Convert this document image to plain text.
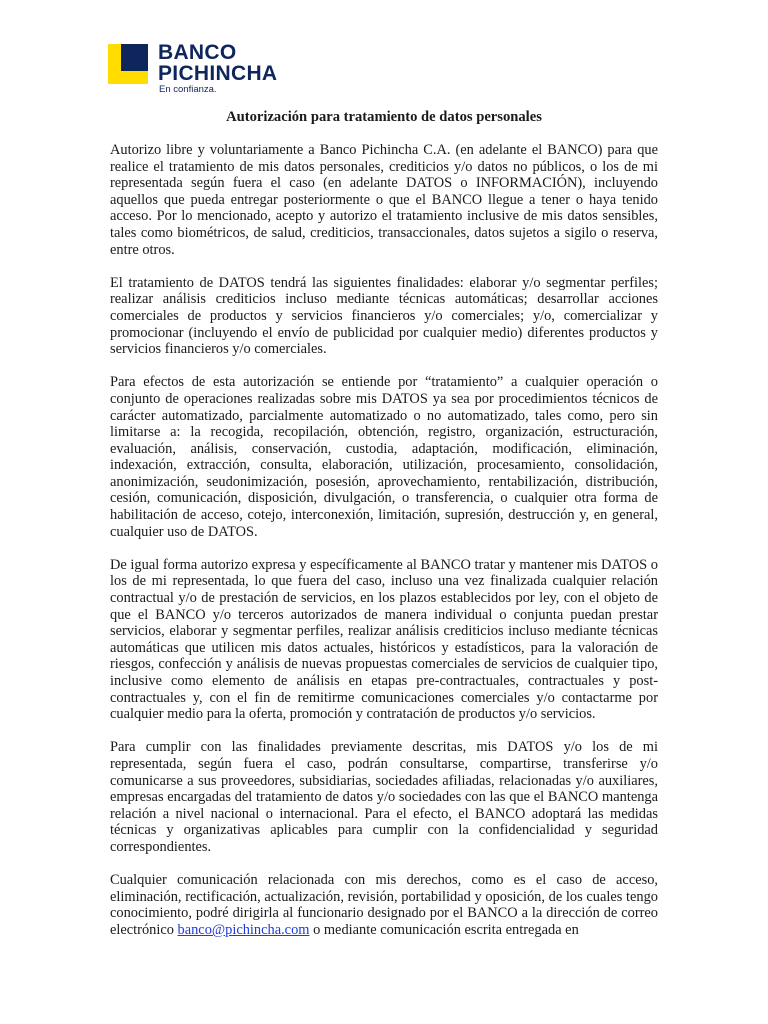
BANCO
PICHINCHA
En confianza.
Autorización para tratamiento de datos personales

Autorizo libre y voluntariamente a Banco Pichincha C.A. (en adelante el BANCO) para que realice el tratamiento de mis datos personales, crediticios y/o datos no públicos, o los de mi representada según fuera el caso (en adelante DATOS o INFORMACIÓN), incluyendo aquellos que pueda entregar posteriormente o que el BANCO llegue a tener o haya tenido acceso. Por lo mencionado, acepto y autorizo el tratamiento inclusive de mis datos sensibles, tales como biométricos, de salud, crediticios, transaccionales, datos sujetos a sigilo o reserva, entre otros.

El tratamiento de DATOS tendrá las siguientes finalidades: elaborar y/o segmentar perfiles; realizar análisis crediticios incluso mediante técnicas automáticas; desarrollar acciones comerciales de productos y servicios financieros y/o comerciales; y/o, comercializar y promocionar (incluyendo el envío de publicidad por cualquier medio) diferentes productos y servicios financieros y/o comerciales.

Para efectos de esta autorización se entiende por “tratamiento” a cualquier operación o conjunto de operaciones realizadas sobre mis DATOS ya sea por procedimientos técnicos de carácter automatizado, parcialmente automatizado o no automatizado, tales como, pero sin limitarse a: la recogida, recopilación, obtención, registro, organización, estructuración, evaluación, análisis, conservación, custodia, adaptación, modificación, eliminación, indexación, extracción, consulta, elaboración, utilización, procesamiento, consolidación, anonimización, seudonimización, posesión, aprovechamiento, rentabilización, distribución, cesión, comunicación, disposición, divulgación, o transferencia, o cualquier otra forma de habilitación de acceso, cotejo, interconexión, limitación, supresión, destrucción y, en general, cualquier uso de DATOS.

De igual forma autorizo expresa y específicamente al BANCO tratar y mantener mis DATOS o los de mi representada, lo que fuera del caso, incluso una vez finalizada cualquier relación contractual y/o de prestación de servicios, en los plazos establecidos por ley, con el objeto de que el BANCO y/o terceros autorizados de manera individual o conjunta puedan prestar servicios, elaborar y segmentar perfiles, realizar análisis crediticios incluso mediante técnicas automáticas que utilicen mis datos actuales, históricos y estadísticos, para la valoración de riesgos, confección y análisis de nuevas propuestas comerciales de servicios de cualquier tipo, inclusive como elemento de análisis en etapas pre-contractuales, contractuales y post-contractuales y, con el fin de remitirme comunicaciones comerciales y/o contactarme por cualquier medio para la oferta, promoción y contratación de productos y/o servicios.

Para cumplir con las finalidades previamente descritas, mis DATOS y/o los de mi representada, según fuera el caso, podrán consultarse, compartirse, transferirse y/o comunicarse a sus proveedores, subsidiarias, sociedades afiliadas, relacionadas y/o auxiliares, empresas encargadas del tratamiento de datos y/o sociedades con las que el BANCO mantenga relación a nivel nacional o internacional. Para el efecto, el BANCO adoptará las medidas técnicas y organizativas aplicables para cumplir con la confidencialidad y seguridad correspondientes.

Cualquier comunicación relacionada con mis derechos, como es el caso de acceso, eliminación, rectificación, actualización, revisión, portabilidad y oposición, de los cuales tengo conocimiento, podré dirigirla al funcionario designado por el BANCO a la dirección de correo electrónico banco@pichincha.com o mediante comunicación escrita entregada en
